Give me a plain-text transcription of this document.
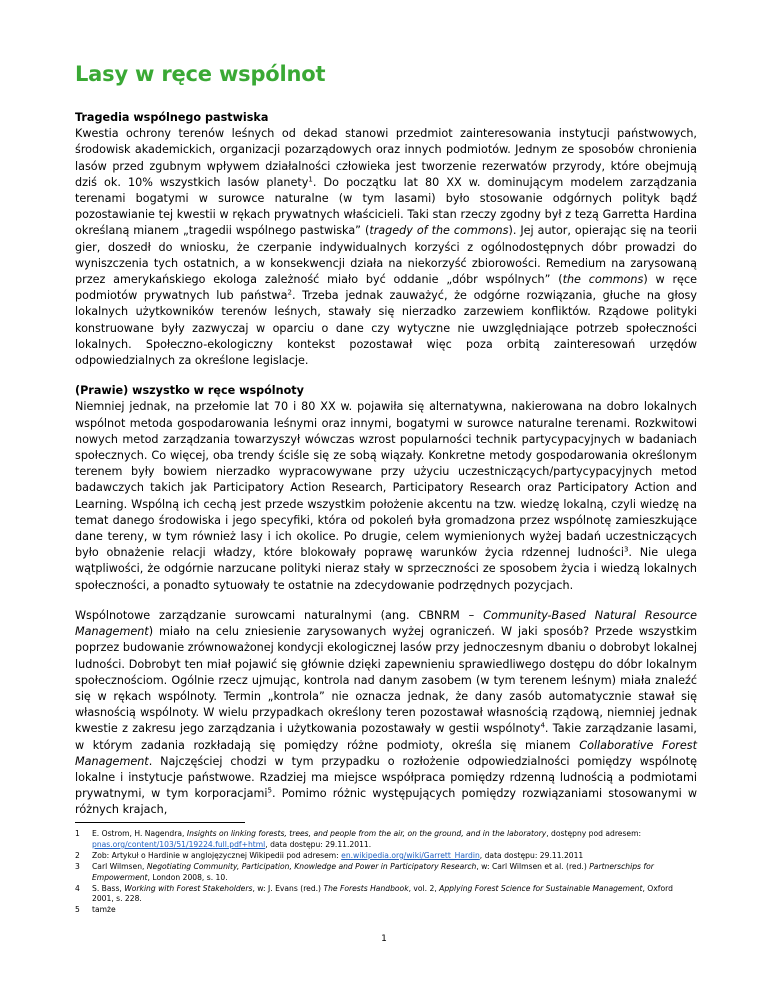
Lasy w ręce wspólnot
Tragedia wspólnego pastwiska

Kwestia ochrony terenów leśnych od dekad stanowi przedmiot zainteresowania instytucji państwowych, środowisk akademickich, organizacji pozarządowych oraz innych podmiotów. Jednym ze sposobów chronienia lasów przed zgubnym wpływem działalności człowieka jest tworzenie rezerwatów przyrody, które obejmują dziś ok. 10% wszystkich lasów planety$^1$. Do początku lat 80 XX w. dominującym modelem zarządzania terenami bogatymi w surowce naturalne (w tym lasami) było stosowanie odgórnych polityk bądź pozostawianie tej kwestii w rękach prywatnych właścicieli. Taki stan rzeczy zgodny był z tezą Garretta Hardina określaną mianem „tragedii wspólnego pastwiska” (tragedy of the commons). Jej autor, opierając się na teorii gier, doszedł do wniosku, że czerpanie indywidualnych korzyści z ogólnodostępnych dóbr prowadzi do wyniszczenia tych ostatnich, a w konsekwencji działa na niekorzyść zbiorowości. Remedium na zarysowaną przez amerykańskiego ekologa zależność miało być oddanie „dóbr wspólnych” (the commons) w ręce podmiotów prywatnych lub państwa$^2$. Trzeba jednak zauważyć, że odgórne rozwiązania, głuche na głosy lokalnych użytkowników terenów leśnych, stawały się nierzadko zarzewiem konfliktów. Rządowe polityki konstruowane były zazwyczaj w oparciu o dane czy wytyczne nie uwzględniające potrzeb społeczności lokalnych. Społeczno-ekologiczny kontekst pozostawał więc poza orbitą zainteresowań urzędów odpowiedzialnych za określone legislacje.

(Prawie) wszystko w ręce wspólnoty

Niemniej jednak, na przełomie lat 70 i 80 XX w. pojawiła się alternatywna, nakierowana na dobro lokalnych wspólnot metoda gospodarowania leśnymi oraz innymi, bogatymi w surowce naturalne terenami. Rozkwitowi nowych metod zarządzania towarzyszył wówczas wzrost popularności technik partycypacyjnych w badaniach społecznych. Co więcej, oba trendy ściśle się ze sobą wiązały. Konkretne metody gospodarowania określonym terenem były bowiem nierzadko wypracowywane przy użyciu uczestniczących/partycypacyjnych metod badawczych takich jak Participatory Action Research, Participatory Research oraz Participatory Action and Learning. Wspólną ich cechą jest przede wszystkim położenie akcentu na tzw. wiedzę lokalną, czyli wiedzę na temat danego środowiska i jego specyfiki, która od pokoleń była gromadzona przez wspólnotę zamieszkujące dane tereny, w tym również lasy i ich okolice. Po drugie, celem wymienionych wyżej badań uczestniczących było obnażenie relacji władzy, które blokowały poprawę warunków życia rdzennej ludności$^3$. Nie ulega wątpliwości, że odgórnie narzucane polityki nieraz stały w sprzeczności ze sposobem życia i wiedzą lokalnych społeczności, a ponadto sytuowały te ostatnie na zdecydowanie podrzędnych pozycjach.

Wspólnotowe zarządzanie surowcami naturalnymi (ang. CBNRM – Community-Based Natural Resource Management) miało na celu zniesienie zarysowanych wyżej ograniczeń. W jaki sposób? Przede wszystkim poprzez budowanie zrównoważonej kondycji ekologicznej lasów przy jednoczesnym dbaniu o dobrobyt lokalnej ludności. Dobrobyt ten miał pojawić się głównie dzięki zapewnieniu sprawiedliwego dostępu do dóbr lokalnym społecznościom. Ogólnie rzecz ujmując, kontrola nad danym zasobem (w tym terenem leśnym) miała znaleźć się w rękach wspólnoty. Termin „kontrola” nie oznacza jednak, że dany zasób automatycznie stawał się własnością wspólnoty. W wielu przypadkach określony teren pozostawał własnością rządową, niemniej jednak kwestie z zakresu jego zarządzania i użytkowania pozostawały w gestii wspólnoty$^4$. Takie zarządzanie lasami, w którym zadania rozkładają się pomiędzy różne podmioty, określa się mianem Collaborative Forest Management. Najczęściej chodzi w tym przypadku o rozłożenie odpowiedzialności pomiędzy wspólnotę lokalne i instytucje państwowe. Rzadziej ma miejsce współpraca pomiędzy rdzenną ludnością a podmiotami prywatnymi, w tym korporacjami$^5$. Pomimo różnic występujących pomiędzy rozwiązaniami stosowanymi w różnych krajach,

1	E. Ostrom, H. Nagendra, Insights on linking forests, trees, and people from the air, on the ground, and in the laboratory, dostępny pod adresem: pnas.org/content/103/51/19224.full.pdf+html, data dostępu: 29.11.2011.
2	Zob: Artykuł o Hardinie w anglojęzycznej Wikipedii pod adresem: en.wikipedia.org/wiki/Garrett_Hardin, data dostępu: 29.11.2011
3	Carl Wilmsen, Negotiating Community, Participation, Knowledge and Power in Participatory Research, w: Carl Wilmsen et al. (red.) Partnerschips for Empowerment, London 2008, s. 10.
4	S. Bass, Working with Forest Stakeholders, w: J. Evans (red.) The Forests Handbook, vol. 2, Applying Forest Science for Sustainable Management, Oxford 2001, s. 228.
5	tamże
1
